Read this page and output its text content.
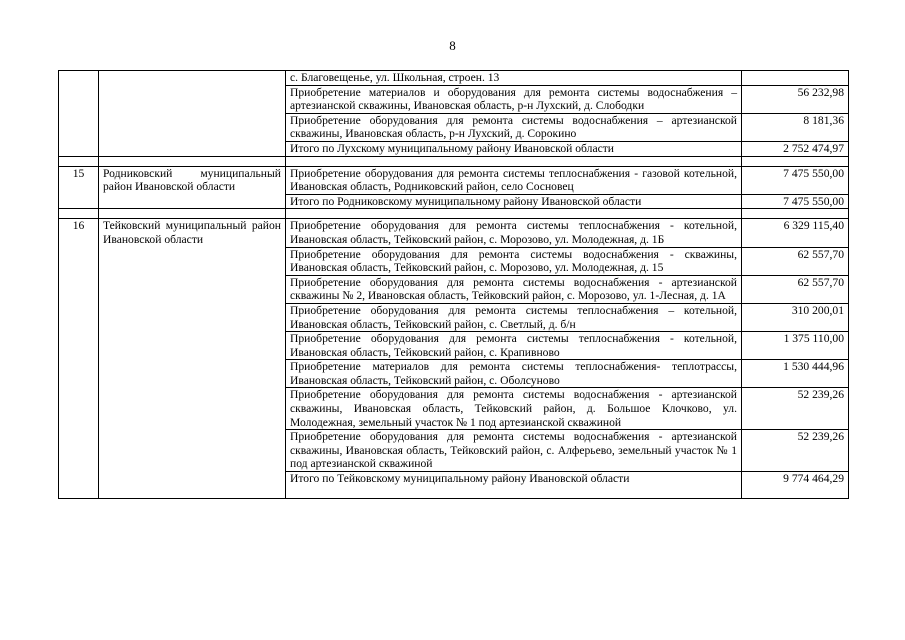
8
		с. Благовещенье, ул. Школьная, строен. 13	
		Приобретение материалов и оборудования для ремонта системы водоснабжения – артезианской скважины, Ивановская область, р-н Лухский, д. Слободки	56 232,98
		Приобретение оборудования для ремонта системы водоснабжения – артезианской скважины, Ивановская область, р-н Лухский, д. Сорокино	8 181,36
		Итого по Лухскому муниципальному району Ивановской области	2 752 474,97

15	Родниковский муниципальный район Ивановской области	Приобретение оборудования для ремонта системы теплоснабжения - газовой котельной, Ивановская область, Родниковский район, село Сосновец	7 475 550,00
		Итого по Родниковскому муниципальному району Ивановской области	7 475 550,00

16	Тейковский муниципальный район Ивановской области	Приобретение оборудования для ремонта системы теплоснабжения - котельной, Ивановская область, Тейковский район, с. Морозово, ул. Молодежная, д. 1Б	6 329 115,40
		Приобретение оборудования для ремонта системы водоснабжения - скважины, Ивановская область, Тейковский район, с. Морозово, ул. Молодежная, д. 15	62 557,70
		Приобретение оборудования для ремонта системы водоснабжения - артезианской скважины № 2, Ивановская область, Тейковский район, с. Морозово, ул. 1-Лесная, д. 1А	62 557,70
		Приобретение оборудования для ремонта системы теплоснабжения – котельной, Ивановская область, Тейковский район, с. Светлый, д. б/н	310 200,01
		Приобретение оборудования для ремонта системы теплоснабжения - котельной, Ивановская область, Тейковский район, с. Крапивново	1 375 110,00
		Приобретение материалов для ремонта системы теплоснабжения- теплотрассы, Ивановская область, Тейковский район, с. Оболсуново	1 530 444,96
		Приобретение оборудования для ремонта системы водоснабжения - артезианской скважины, Ивановская область, Тейковский район, д. Большое Клочково, ул. Молодежная, земельный участок № 1 под артезианской скважиной	52 239,26
		Приобретение оборудования для ремонта системы водоснабжения - артезианской скважины, Ивановская область, Тейковский район, с. Алферьево, земельный участок № 1 под артезианской скважиной	52 239,26
		Итого по Тейковскому муниципальному району Ивановской области	9 774 464,29
